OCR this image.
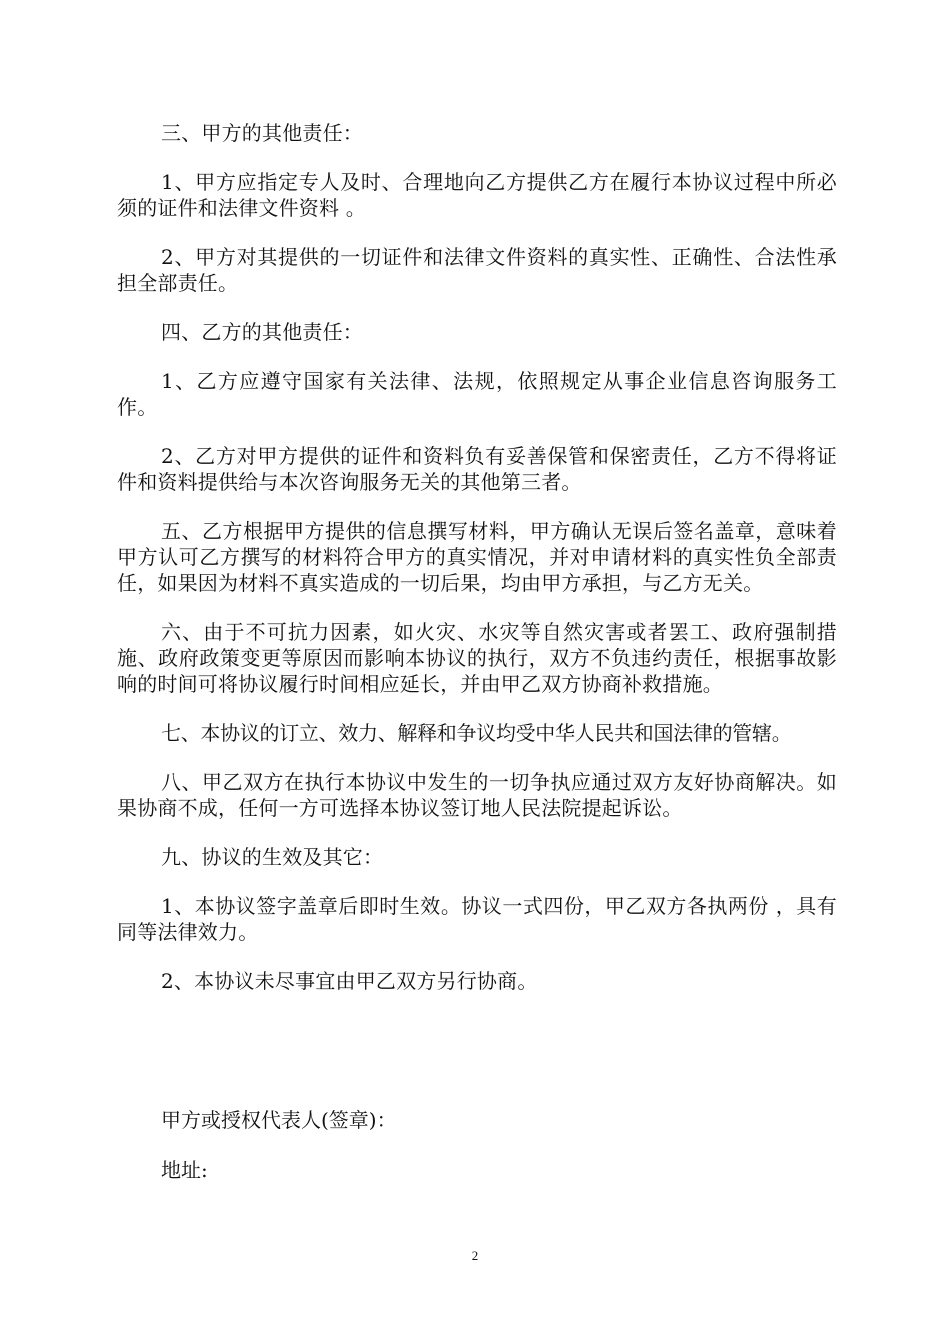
三、甲方的其他责任：

1、甲方应指定专人及时、合理地向乙方提供乙方在履行本协议过程中所必须的证件和法律文件资料 。

2、甲方对其提供的一切证件和法律文件资料的真实性、正确性、合法性承担全部责任。

四、乙方的其他责任：

1、乙方应遵守国家有关法律、法规，依照规定从事企业信息咨询服务工作。

2、乙方对甲方提供的证件和资料负有妥善保管和保密责任，乙方不得将证件和资料提供给与本次咨询服务无关的其他第三者。

五、乙方根据甲方提供的信息撰写材料，甲方确认无误后签名盖章，意味着甲方认可乙方撰写的材料符合甲方的真实情况，并对申请材料的真实性负全部责任，如果因为材料不真实造成的一切后果，均由甲方承担，与乙方无关。

六、由于不可抗力因素，如火灾、水灾等自然灾害或者罢工、政府强制措施、政府政策变更等原因而影响本协议的执行，双方不负违约责任，根据事故影响的时间可将协议履行时间相应延长，并由甲乙双方协商补救措施。

七、本协议的订立、效力、解释和争议均受中华人民共和国法律的管辖。

八、甲乙双方在执行本协议中发生的一切争执应通过双方友好协商解决。如果协商不成，任何一方可选择本协议签订地人民法院提起诉讼。

九、协议的生效及其它：

1、本协议签字盖章后即时生效。协议一式四份，甲乙双方各执两份 ，具有同等法律效力。

2、本协议未尽事宜由甲乙双方另行协商。

甲方或授权代表人(签章)：
地址:
2
